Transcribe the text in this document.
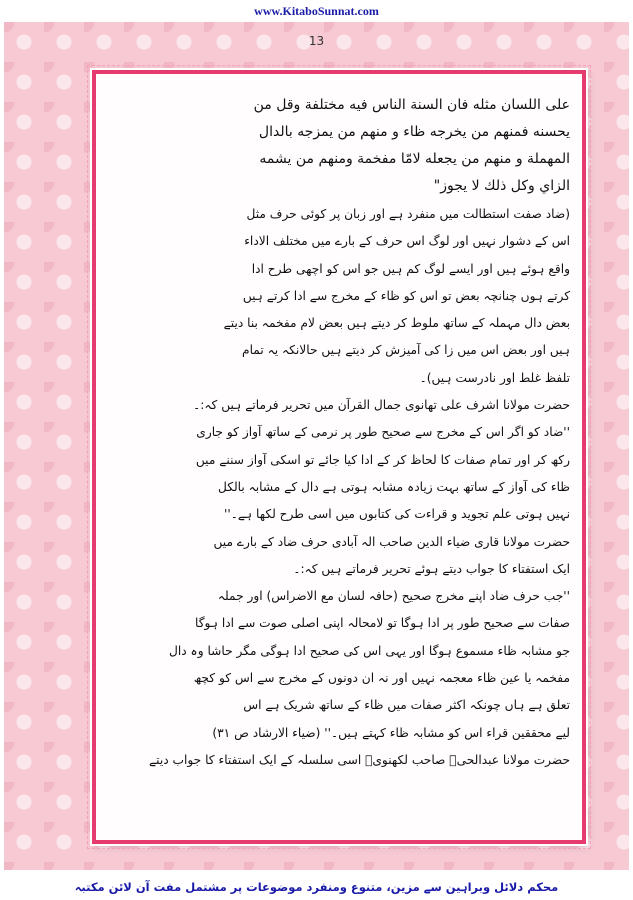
www.KitaboSunnat.com
13

على اللسان مثله فان السنة الناس فيه مختلفة وقل من

يحسنه فمنهم من يخرجه ظاء و منهم من يمزجه بالدال

المهملة و منهم من يجعله لامّا مفخمة ومنهم من يشمه

الزاي وكل ذلك لا يجوز"

(ضاد صفت استطالت میں منفرد ہے اور زبان پر کوئی حرف مثل

اس کے دشوار نہیں اور لوگ اس حرف کے بارے میں مختلف الاداء

واقع ہوئے ہیں اور ایسے لوگ کم ہیں جو اس کو اچھی طرح ادا

کرتے ہوں چنانچہ بعض تو اس کو ظاء کے مخرج سے ادا کرتے ہیں

بعض دال مہملہ کے ساتھ ملوط کر دیتے ہیں بعض لام مفخمہ بنا دیتے

ہیں اور بعض اس میں زا کی آمیزش کر دیتے ہیں حالانکہ یہ تمام

تلفظ غلط اور نادرست ہیں)۔

حضرت مولانا اشرف علی تھانوی جمال القرآن میں تحریر فرماتے ہیں کہ:۔

''ضاد کو اگر اس کے مخرج سے صحیح طور پر نرمی کے ساتھ آواز کو جاری

رکھ کر اور تمام صفات کا لحاظ کر کے ادا کیا جائے تو اسکی آواز سننے میں

ظاء کی آواز کے ساتھ بہت زیادہ مشابہ ہوتی ہے دال کے مشابہ بالکل

نہیں ہوتی علم تجوید و قراءت کی کتابوں میں اسی طرح لکھا ہے۔''

حضرت مولانا قاری ضیاء الدین صاحب الہ آبادی حرف ضاد کے بارے میں

ایک استفتاء کا جواب دیتے ہوئے تحریر فرماتے ہیں کہ:۔

''جب حرف ضاد اپنے مخرج صحیح (حافہ لسان مع الاضراس) اور جملہ

صفات سے صحیح طور پر ادا ہوگا تو لامحالہ اپنی اصلی صوت سے ادا ہوگا

جو مشابہ ظاء مسموع ہوگا اور یہی اس کی صحیح ادا ہوگی مگر حاشا وہ دال

مفخمہ یا عین ظاء معجمہ نہیں اور نہ ان دونوں کے مخرج سے اس کو کچھ

تعلق ہے ہاں چونکہ اکثر صفات میں ظاء کے ساتھ شریک ہے اس

لیے محققین قراء اس کو مشابہ ظاء کہتے ہیں۔'' (ضیاء الارشاد ص ۳۱)

حضرت مولانا عبدالحیؒ صاحب لکھنویؒ اسی سلسلہ کے ایک استفتاء کا جواب دیتے

محکم دلائل وبراہین سے مزین، متنوع ومنفرد موضوعات پر مشتمل مفت آن لائن مکتبہ
